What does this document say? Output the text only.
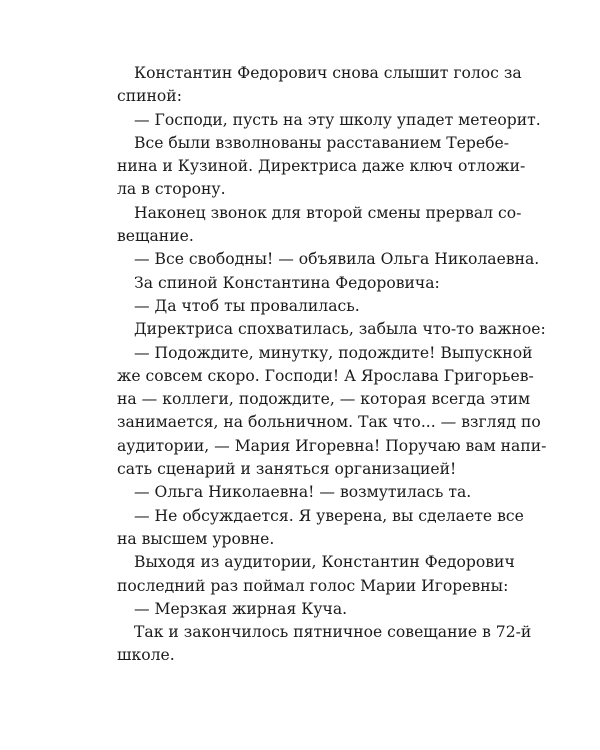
Константин Федорович снова слышит голос за
спиной:
— Господи, пусть на эту школу упадет метеорит.
Все были взволнованы расставанием Теребе-
нина и Кузиной. Директриса даже ключ отложи-
ла в сторону.
Наконец звонок для второй смены прервал со-
вещание.
— Все свободны! — объявила Ольга Николаевна.
За спиной Константина Федоровича:
— Да чтоб ты провалилась.
Директриса спохватилась, забыла что-то важное:
— Подождите, минутку, подождите! Выпускной
же совсем скоро. Господи! А Ярослава Григорьев-
на — коллеги, подождите, — которая всегда этим
занимается, на больничном. Так что... — взгляд по
аудитории, — Мария Игоревна! Поручаю вам напи-
сать сценарий и заняться организацией!
— Ольга Николаевна! — возмутилась та.
— Не обсуждается. Я уверена, вы сделаете все
на высшем уровне.
Выходя из аудитории, Константин Федорович
последний раз поймал голос Марии Игоревны:
— Мерзкая жирная Куча.
Так и закончилось пятничное совещание в 72-й
школе.
